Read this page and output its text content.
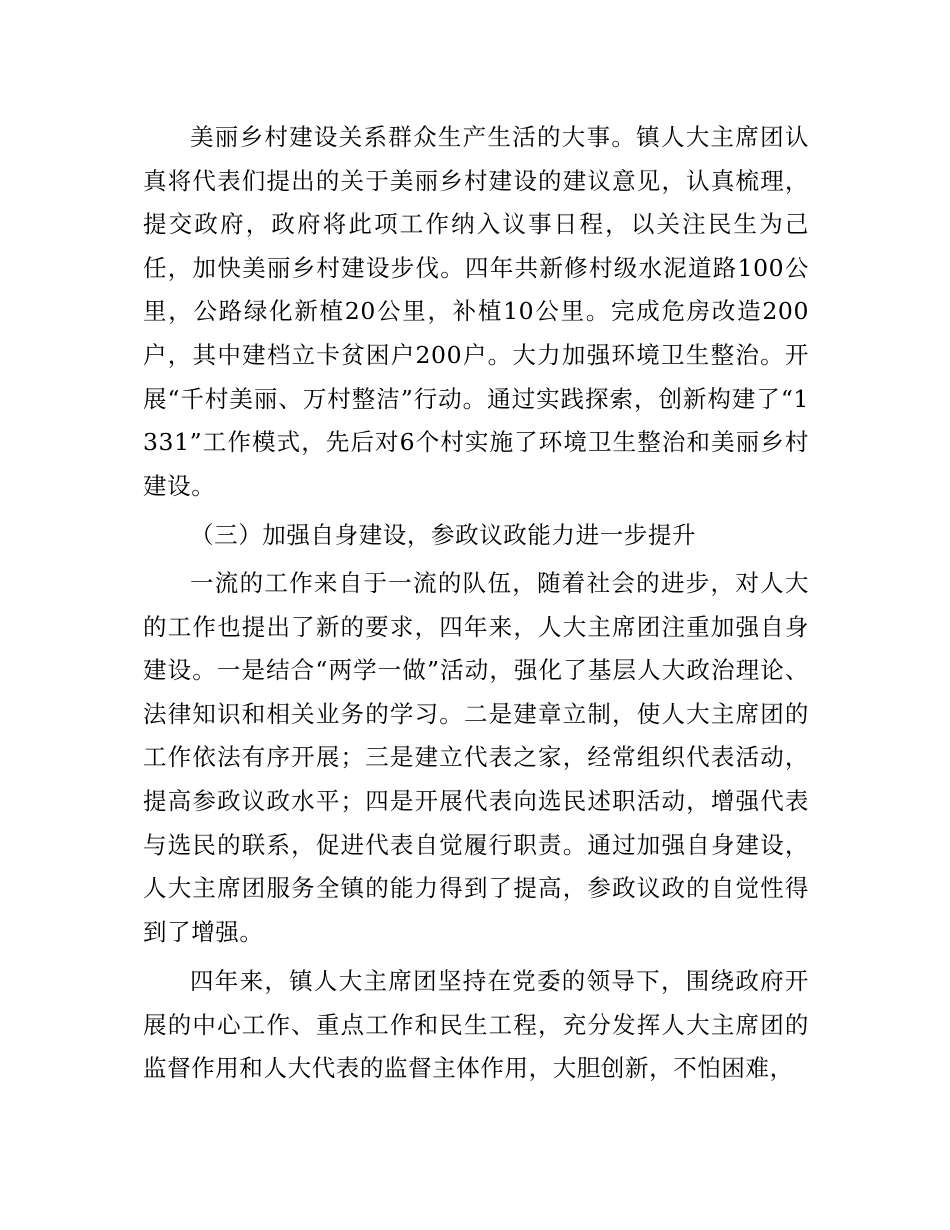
美丽乡村建设关系群众生产生活的大事。镇人大主席团认真将代表们提出的关于美丽乡村建设的建议意见，认真梳理，提交政府，政府将此项工作纳入议事日程，以关注民生为己任，加快美丽乡村建设步伐。四年共新修村级水泥道路100公里，公路绿化新植20公里，补植10公里。完成危房改造200户，其中建档立卡贫困户200户。大力加强环境卫生整治。开展“千村美丽、万村整洁”行动。通过实践探索，创新构建了“1331”工作模式，先后对6个村实施了环境卫生整治和美丽乡村建设。

（三）加强自身建设，参政议政能力进一步提升

一流的工作来自于一流的队伍，随着社会的进步，对人大的工作也提出了新的要求，四年来，人大主席团注重加强自身建设。一是结合“两学一做”活动，强化了基层人大政治理论、法律知识和相关业务的学习。二是建章立制，使人大主席团的工作依法有序开展；三是建立代表之家，经常组织代表活动，提高参政议政水平；四是开展代表向选民述职活动，增强代表与选民的联系，促进代表自觉履行职责。通过加强自身建设，人大主席团服务全镇的能力得到了提高，参政议政的自觉性得到了增强。

四年来，镇人大主席团坚持在党委的领导下，围绕政府开展的中心工作、重点工作和民生工程，充分发挥人大主席团的监督作用和人大代表的监督主体作用，大胆创新，不怕困难，
